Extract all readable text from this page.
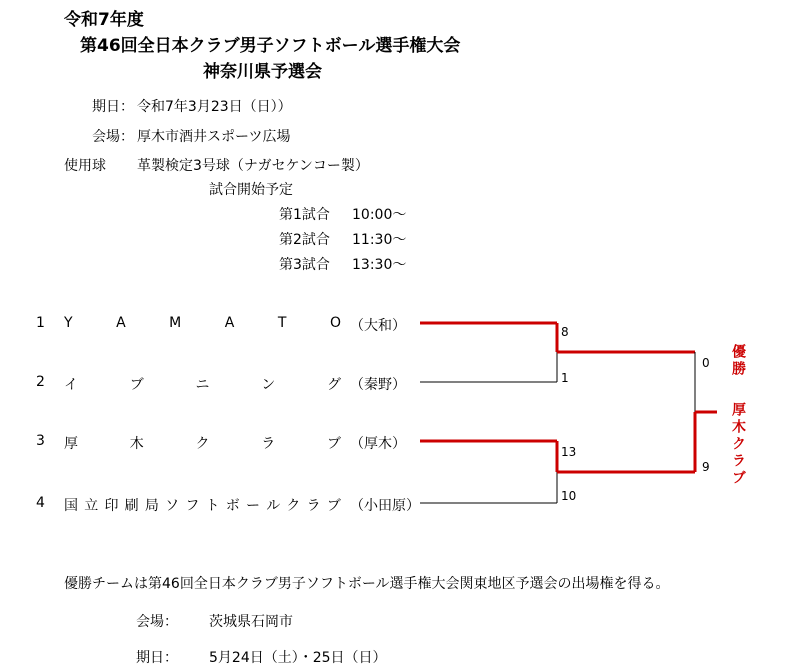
令和7年度
第46回全日本クラブ男子ソフトボール選手権大会
神奈川県予選会
期日： 令和7年3月23日（日））
会場： 厚木市酒井スポーツ広場
使用球 革製検定3号球（ナガセケンコー製）
試合開始予定
第1試合 10:00〜
第2試合 11:30〜
第3試合 13:30〜
1 Y	A	M	A	T	O （大和）
2 イ	ブ	ニ	ン	グ （秦野）
3 厚	木	ク	ラ	ブ （厚木）
4 国 立 印 刷 局 ソ フ ト ボ ー ル ク ラ ブ （小田原）
8
1
13
10
0
9
優勝
厚木クラブ
優勝チームは第46回全日本クラブ男子ソフトボール選手権大会関東地区予選会の出場権を得る。
会場： 茨城県石岡市
期日： 5月24日（土）・25日（日）
